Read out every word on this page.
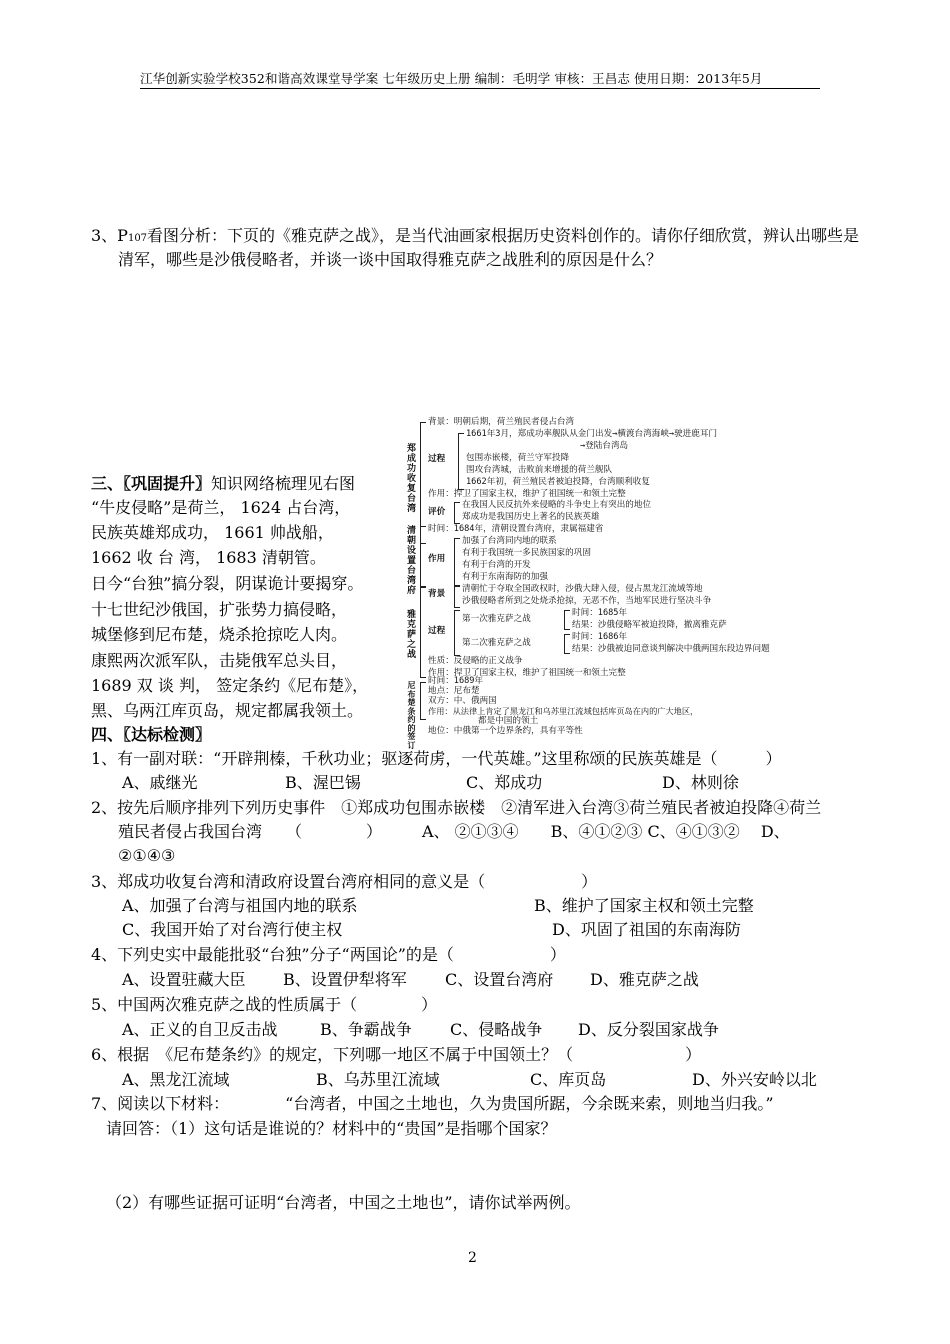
江华创新实验学校352和谐高效课堂导学案 七年级历史上册 编制：毛明学 审核：王昌志 使用日期：2013年5月
3、P107看图分析：下页的《雅克萨之战》，是当代油画家根据历史资料创作的。请你仔细欣赏，辨认出哪些是
清军，哪些是沙俄侵略者，并谈一谈中国取得雅克萨之战胜利的原因是什么？
三、〖巩固提升〗知识网络梳理见右图
“牛皮侵略”是荷兰， 1624 占台湾，
民族英雄郑成功， 1661 帅战船，
1662 收 台 湾， 1683 清朝管。
日今“台独”搞分裂，阴谋诡计要揭穿。
十七世纪沙俄国，扩张势力搞侵略，
城堡修到尼布楚，烧杀抢掠吃人肉。
康熙两次派军队，击毙俄军总头目，
1689 双 谈 判， 签定条约《尼布楚》，
黑、乌两江库页岛，规定都属我领土。
郑成功收复台湾
背景：明朝后期，荷兰殖民者侵占台湾
过程
1661年3月，郑成功率舰队从金门出发→横渡台湾海峡→驶进鹿耳门
→登陆台湾岛
包围赤嵌楼，荷兰守军投降
围攻台湾城，击败前来增援的荷兰舰队
1662年初，荷兰殖民者被迫投降，台湾顺利收复
作用：捍卫了国家主权，维护了祖国统一和领土完整
评价
在我国人民反抗外来侵略的斗争史上有突出的地位
郑成功是我国历史上著名的民族英雄
清朝设置台湾府
时间：1684年，清朝设置台湾府，隶属福建省
作用
加强了台湾同内地的联系
有利于我国统一多民族国家的巩固
有利于台湾的开发
有利于东南海防的加强
雅克萨之战
背景 清朝忙于夺取全国政权时，沙俄大肆入侵，侵占黑龙江流域等地
沙俄侵略者所到之处烧杀抢掠，无恶不作，当地军民进行坚决斗争
过程
第一次雅克萨之战
时间：1685年
结果：沙俄侵略军被迫投降，撤离雅克萨
第二次雅克萨之战
时间：1686年
结果：沙俄被迫同意谈判解决中俄两国东段边界问题
性质：反侵略的正义战争
作用：捍卫了国家主权，维护了祖国统一和领土完整
尼布楚条约的签订
时间：1689年
地点：尼布楚
双方：中、俄两国
作用：从法律上肯定了黑龙江和乌苏里江流域包括库页岛在内的广大地区，
都是中国的领土
地位：中俄第一个边界条约，具有平等性
四、〖达标检测〗
1、有一副对联：“开辟荆榛，千秋功业；驱逐荷虏，一代英雄。”这里称颂的民族英雄是（　　　）
A、戚继光	B、渥巴锡	C、郑成功	D、林则徐
2、按先后顺序排列下列历史事件　①郑成功包围赤嵌楼　②清军进入台湾③荷兰殖民者被迫投降④荷兰
殖民者侵占我国台湾　　（　　　　）　　　A、 ②①③④　　B、④①②③ C、④①③②　 D、
②①④③
3、郑成功收复台湾和清政府设置台湾府相同的意义是（　　　　　　）
A、加强了台湾与祖国内地的联系	B、维护了国家主权和领土完整
C、我国开始了对台湾行使主权	D、巩固了祖国的东南海防
4、下列史实中最能批驳“台独”分子“两国论”的是（　　　　　　）
A、设置驻藏大臣 B、设置伊犁将军 C、设置台湾府 D、雅克萨之战
5、中国两次雅克萨之战的性质属于（　　　　）
A、正义的自卫反击战	B、争霸战争 C、侵略战争 D、反分裂国家战争
6、根据　《尼布楚条约》的规定，下列哪一地区不属于中国领土？（　　　　　　　）
A、黑龙江流域	B、乌苏里江流域	C、库页岛	D、外兴安岭以北
7、阅读以下材料：　　　　“台湾者，中国之土地也，久为贵国所踞，今余既来索，则地当归我。”
请回答：（1）这句话是谁说的？材料中的“贵国”是指哪个国家？
（2）有哪些证据可证明“台湾者，中国之土地也”，请你试举两例。
2
